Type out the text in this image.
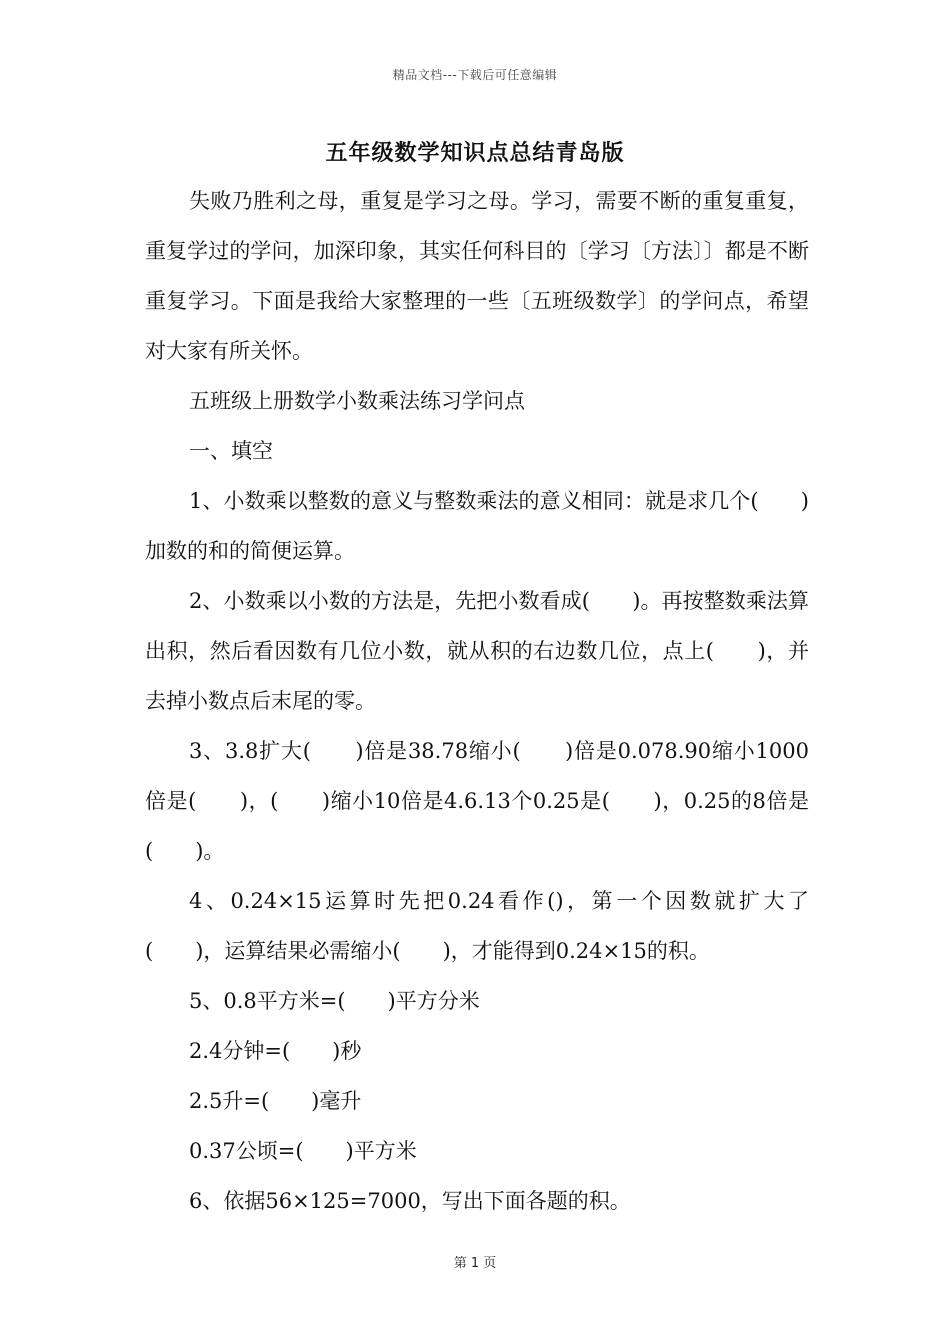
精品文档---下载后可任意编辑
五年级数学知识点总结青岛版

失败乃胜利之母，重复是学习之母。学习，需要不断的重复重复，重复学过的学问，加深印象，其实任何科目的〔学习〔方法〕〕都是不断重复学习。下面是我给大家整理的一些〔五班级数学〕的学问点，希望对大家有所关怀。

五班级上册数学小数乘法练习学问点

一、填空

1、小数乘以整数的意义与整数乘法的意义相同：就是求几个(　　)加数的和的简便运算。

2、小数乘以小数的方法是，先把小数看成(　　)。再按整数乘法算出积，然后看因数有几位小数，就从积的右边数几位，点上(　　)，并去掉小数点后末尾的零。

3、3.8扩大(　　)倍是38.78缩小(　　)倍是0.078.90缩小1000倍是(　　)，(　　)缩小10倍是4.6.13个0.25是(　　)，0.25的8倍是(　　)。

4、0.24×15运算时先把0.24看作()，第一个因数就扩大了(　　)，运算结果必需缩小(　　)，才能得到0.24×15的积。

5、0.8平方米=(　　)平方分米

2.4分钟=(　　)秒

2.5升=(　　)毫升

0.37公顷=(　　)平方米

6、依据56×125=7000，写出下面各题的积。

第 1 页
